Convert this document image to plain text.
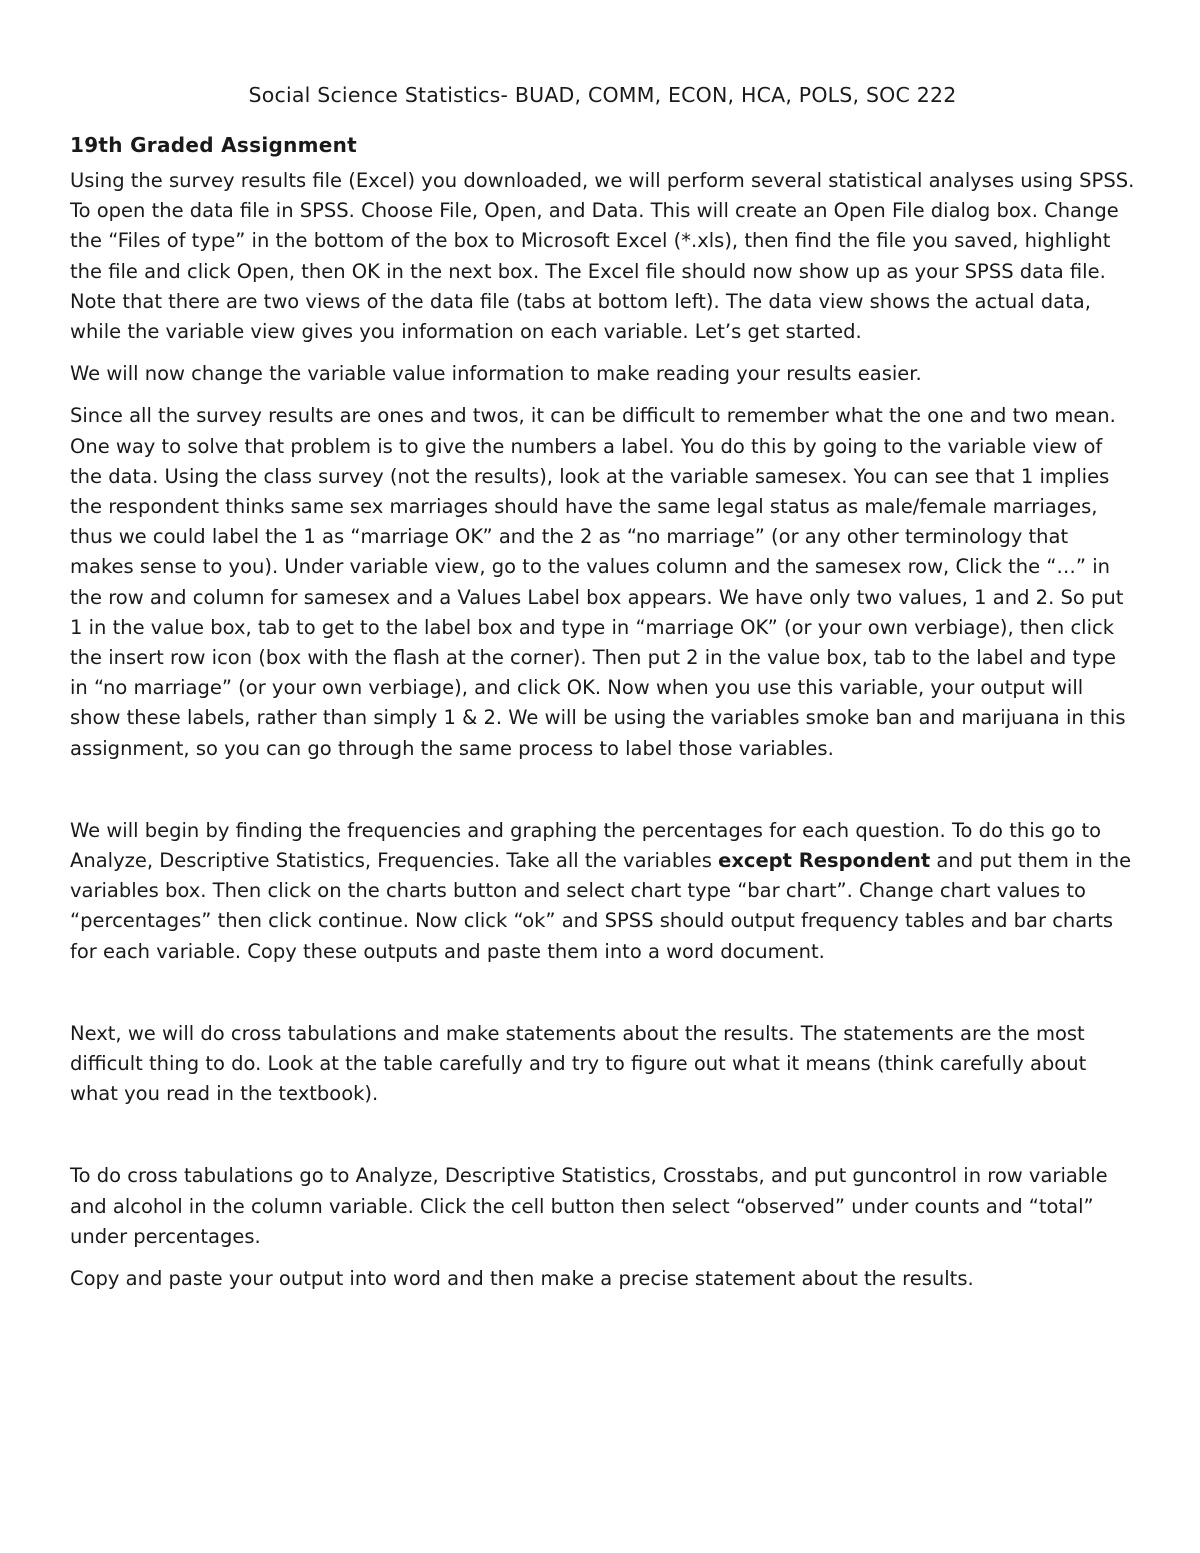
Social Science Statistics- BUAD, COMM, ECON, HCA, POLS, SOC 222
19th Graded Assignment

Using the survey results file (Excel) you downloaded, we will perform several statistical analyses using SPSS. To open the data file in SPSS. Choose File, Open, and Data. This will create an Open File dialog box. Change the “Files of type” in the bottom of the box to Microsoft Excel (*.xls), then find the file you saved, highlight the file and click Open, then OK in the next box. The Excel file should now show up as your SPSS data file. Note that there are two views of the data file (tabs at bottom left). The data view shows the actual data, while the variable view gives you information on each variable. Let’s get started.

We will now change the variable value information to make reading your results easier.

Since all the survey results are ones and twos, it can be difficult to remember what the one and two mean. One way to solve that problem is to give the numbers a label. You do this by going to the variable view of the data. Using the class survey (not the results), look at the variable samesex. You can see that 1 implies the respondent thinks same sex marriages should have the same legal status as male/female marriages, thus we could label the 1 as “marriage OK” and the 2 as “no marriage” (or any other terminology that makes sense to you). Under variable view, go to the values column and the samesex row, Click the “…” in the row and column for samesex and a Values Label box appears. We have only two values, 1 and 2. So put 1 in the value box, tab to get to the label box and type in “marriage OK” (or your own verbiage), then click the insert row icon (box with the flash at the corner). Then put 2 in the value box, tab to the label and type in “no marriage” (or your own verbiage), and click OK. Now when you use this variable, your output will show these labels, rather than simply 1 & 2. We will be using the variables smoke ban and marijuana in this assignment, so you can go through the same process to label those variables.

We will begin by finding the frequencies and graphing the percentages for each question. To do this go to Analyze, Descriptive Statistics, Frequencies. Take all the variables except Respondent and put them in the variables box. Then click on the charts button and select chart type “bar chart”. Change chart values to “percentages” then click continue. Now click “ok” and SPSS should output frequency tables and bar charts for each variable. Copy these outputs and paste them into a word document.

Next, we will do cross tabulations and make statements about the results. The statements are the most difficult thing to do. Look at the table carefully and try to figure out what it means (think carefully about what you read in the textbook).

To do cross tabulations go to Analyze, Descriptive Statistics, Crosstabs, and put guncontrol in row variable and alcohol in the column variable. Click the cell button then select “observed” under counts and “total” under percentages.

Copy and paste your output into word and then make a precise statement about the results.
